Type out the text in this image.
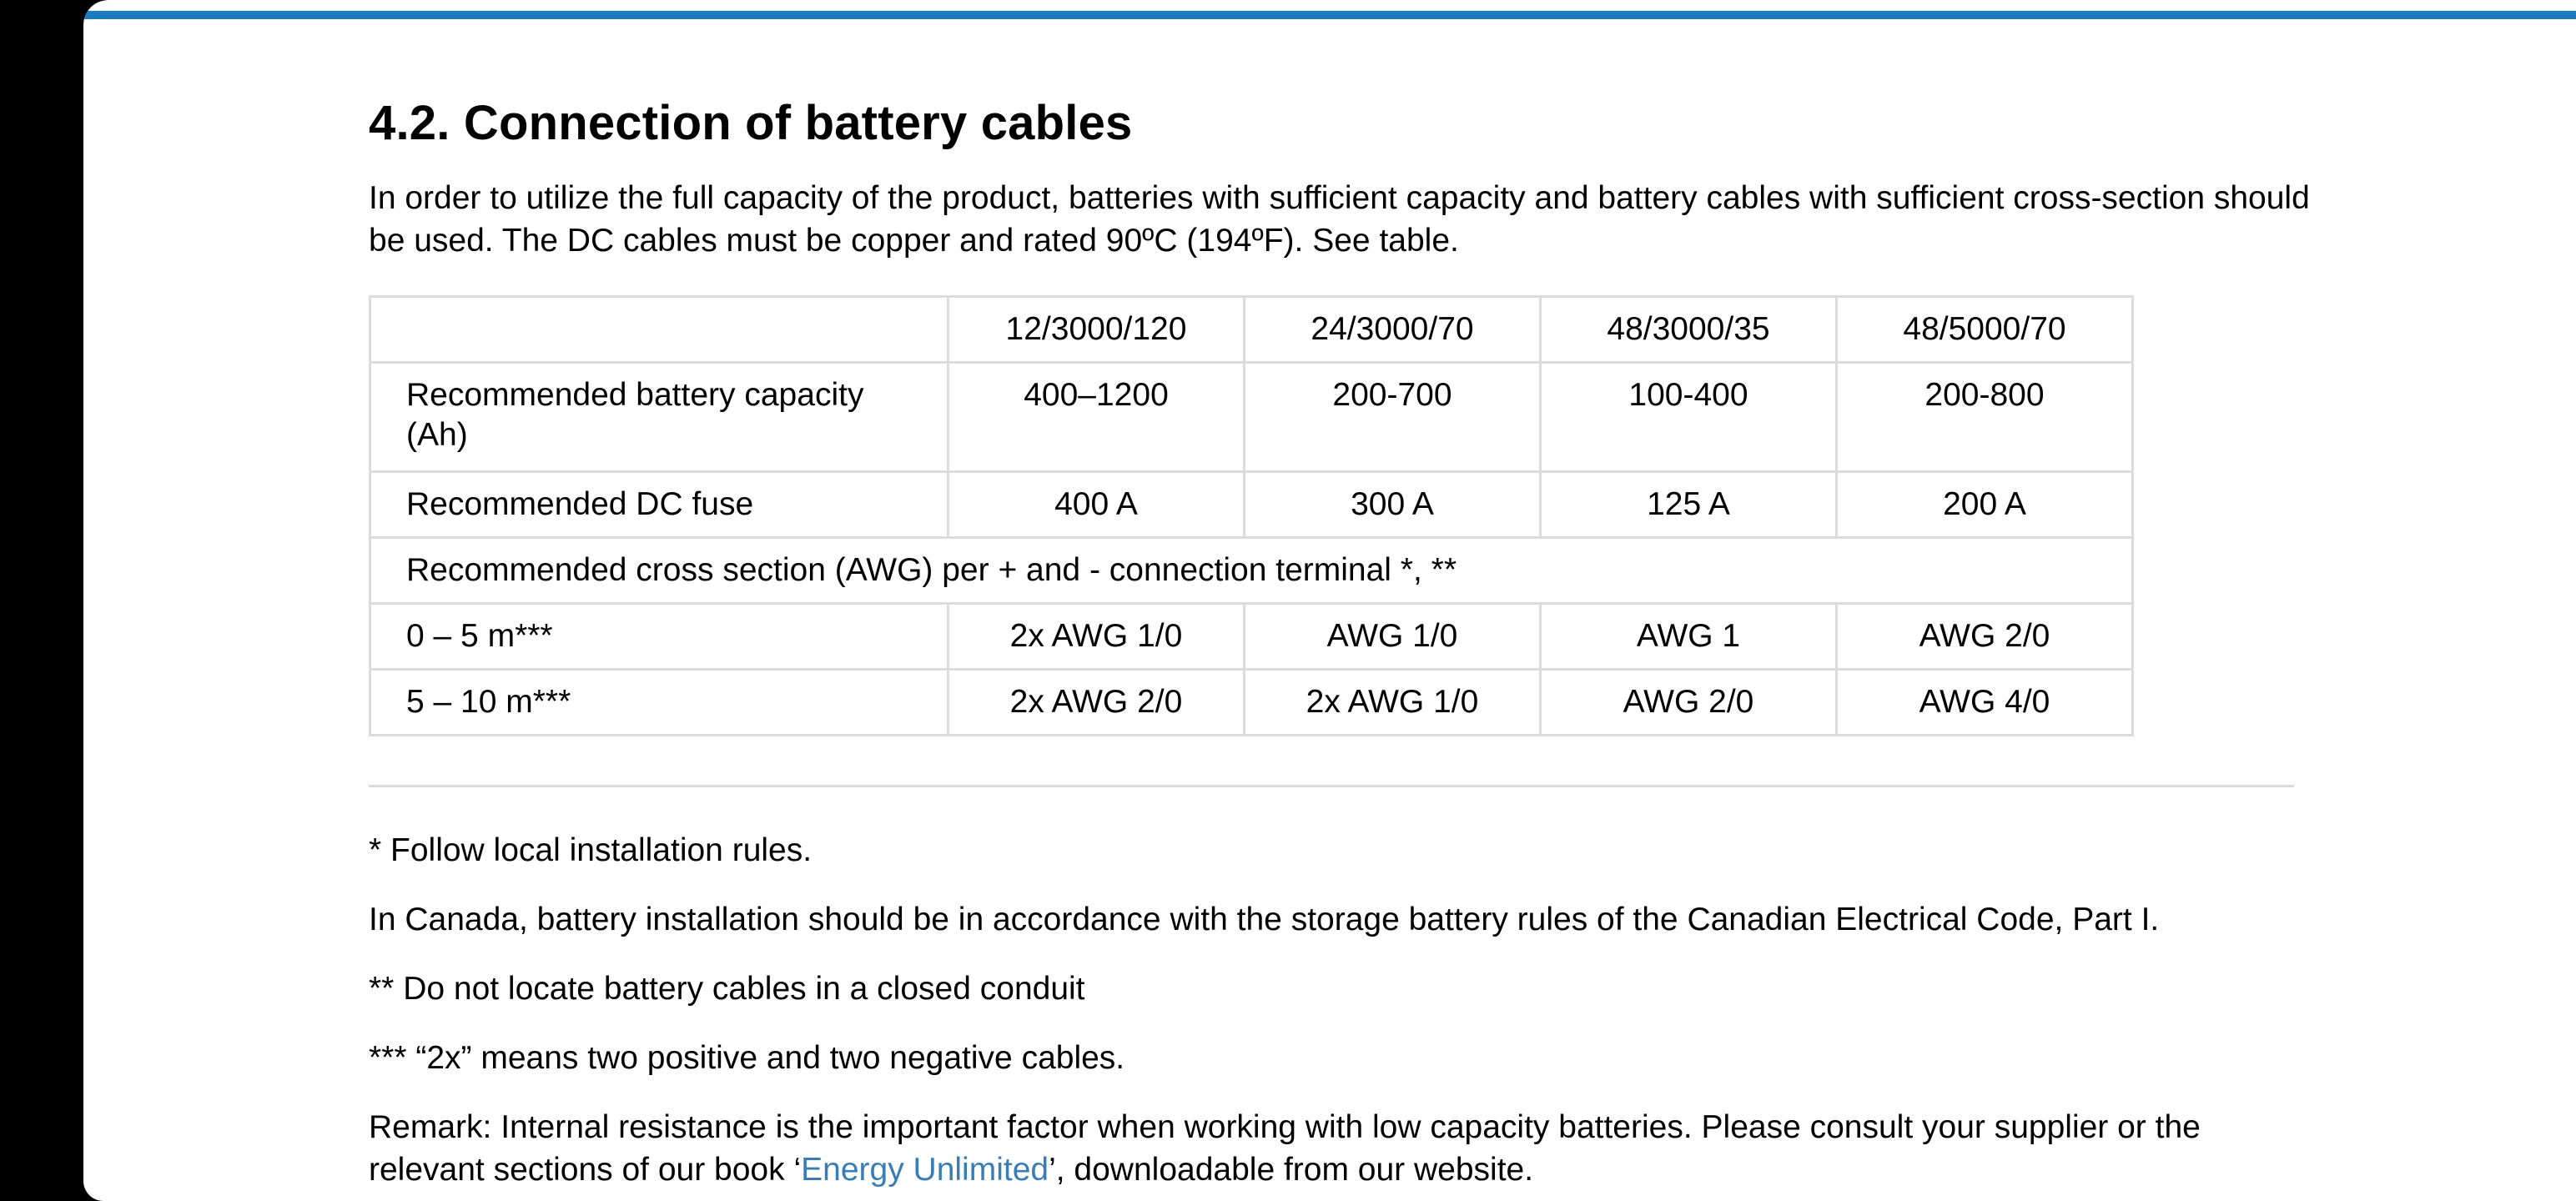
4.2. Connection of battery cables

In order to utilize the full capacity of the product, batteries with sufficient capacity and battery cables with sufficient cross-section should be used. The DC cables must be copper and rated 90ºC (194ºF). See table.

	12/3000/120	24/3000/70	48/3000/35	48/5000/70
Recommended battery capacity (Ah)	400–1200	200-700	100-400	200-800
Recommended DC fuse	400 A	300 A	125 A	200 A
Recommended cross section (AWG) per + and - connection terminal *, **				
0 – 5 m***	2x AWG 1/0	AWG 1/0	AWG 1	AWG 2/0
5 – 10 m***	2x AWG 2/0	2x AWG 1/0	AWG 2/0	AWG 4/0

* Follow local installation rules.

In Canada, battery installation should be in accordance with the storage battery rules of the Canadian Electrical Code, Part I.

** Do not locate battery cables in a closed conduit

*** “2x” means two positive and two negative cables.

Remark: Internal resistance is the important factor when working with low capacity batteries. Please consult your supplier or the relevant sections of our book ‘Energy Unlimited’, downloadable from our website.
